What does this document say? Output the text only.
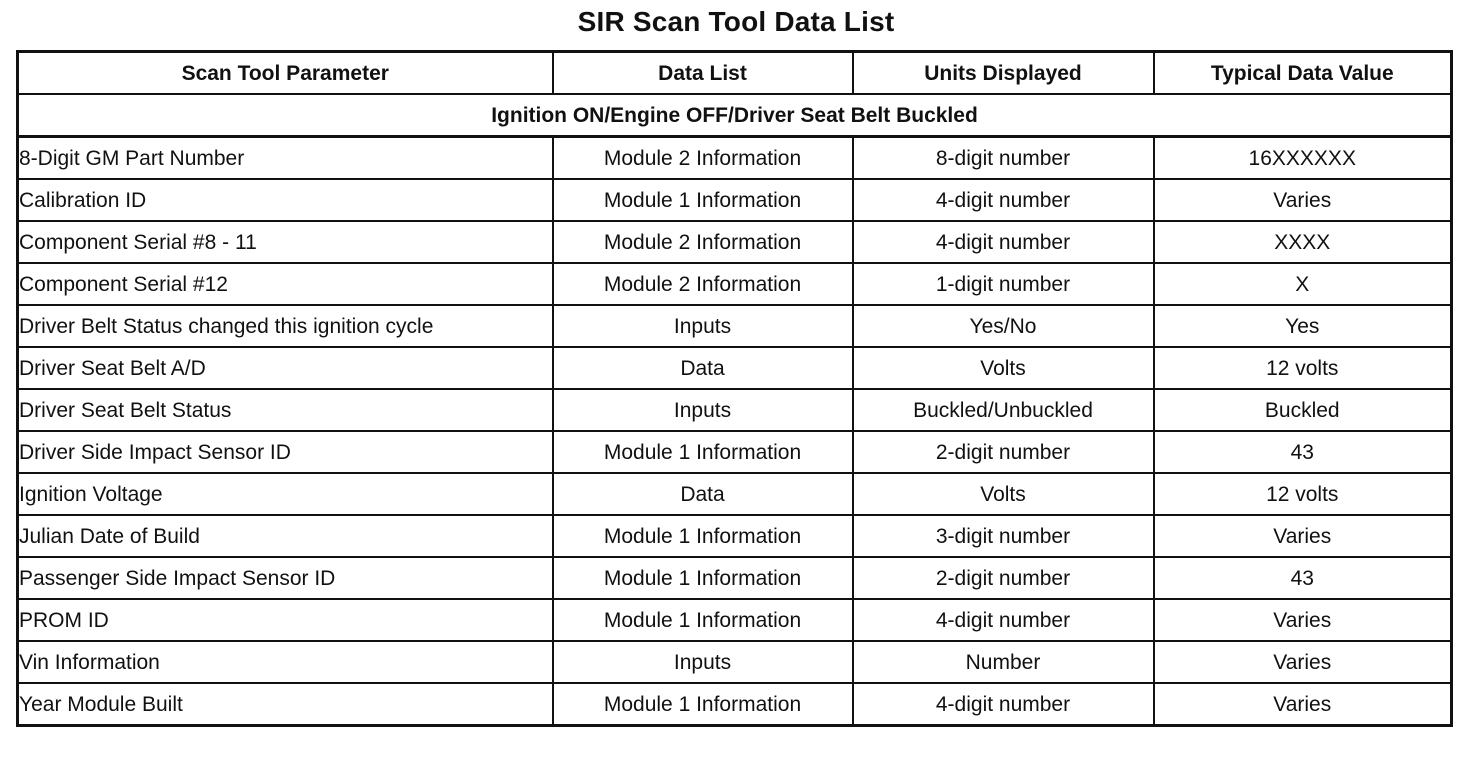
SIR Scan Tool Data List
Scan Tool Parameter	Data List	Units Displayed	Typical Data Value
Ignition ON/Engine OFF/Driver Seat Belt Buckled			
8-Digit GM Part Number	Module 2 Information	8-digit number	16XXXXXX
Calibration ID	Module 1 Information	4-digit number	Varies
Component Serial #8 - 11	Module 2 Information	4-digit number	XXXX
Component Serial #12	Module 2 Information	1-digit number	X
Driver Belt Status changed this ignition cycle	Inputs	Yes/No	Yes
Driver Seat Belt A/D	Data	Volts	12 volts
Driver Seat Belt Status	Inputs	Buckled/Unbuckled	Buckled
Driver Side Impact Sensor ID	Module 1 Information	2-digit number	43
Ignition Voltage	Data	Volts	12 volts
Julian Date of Build	Module 1 Information	3-digit number	Varies
Passenger Side Impact Sensor ID	Module 1 Information	2-digit number	43
PROM ID	Module 1 Information	4-digit number	Varies
Vin Information	Inputs	Number	Varies
Year Module Built	Module 1 Information	4-digit number	Varies
